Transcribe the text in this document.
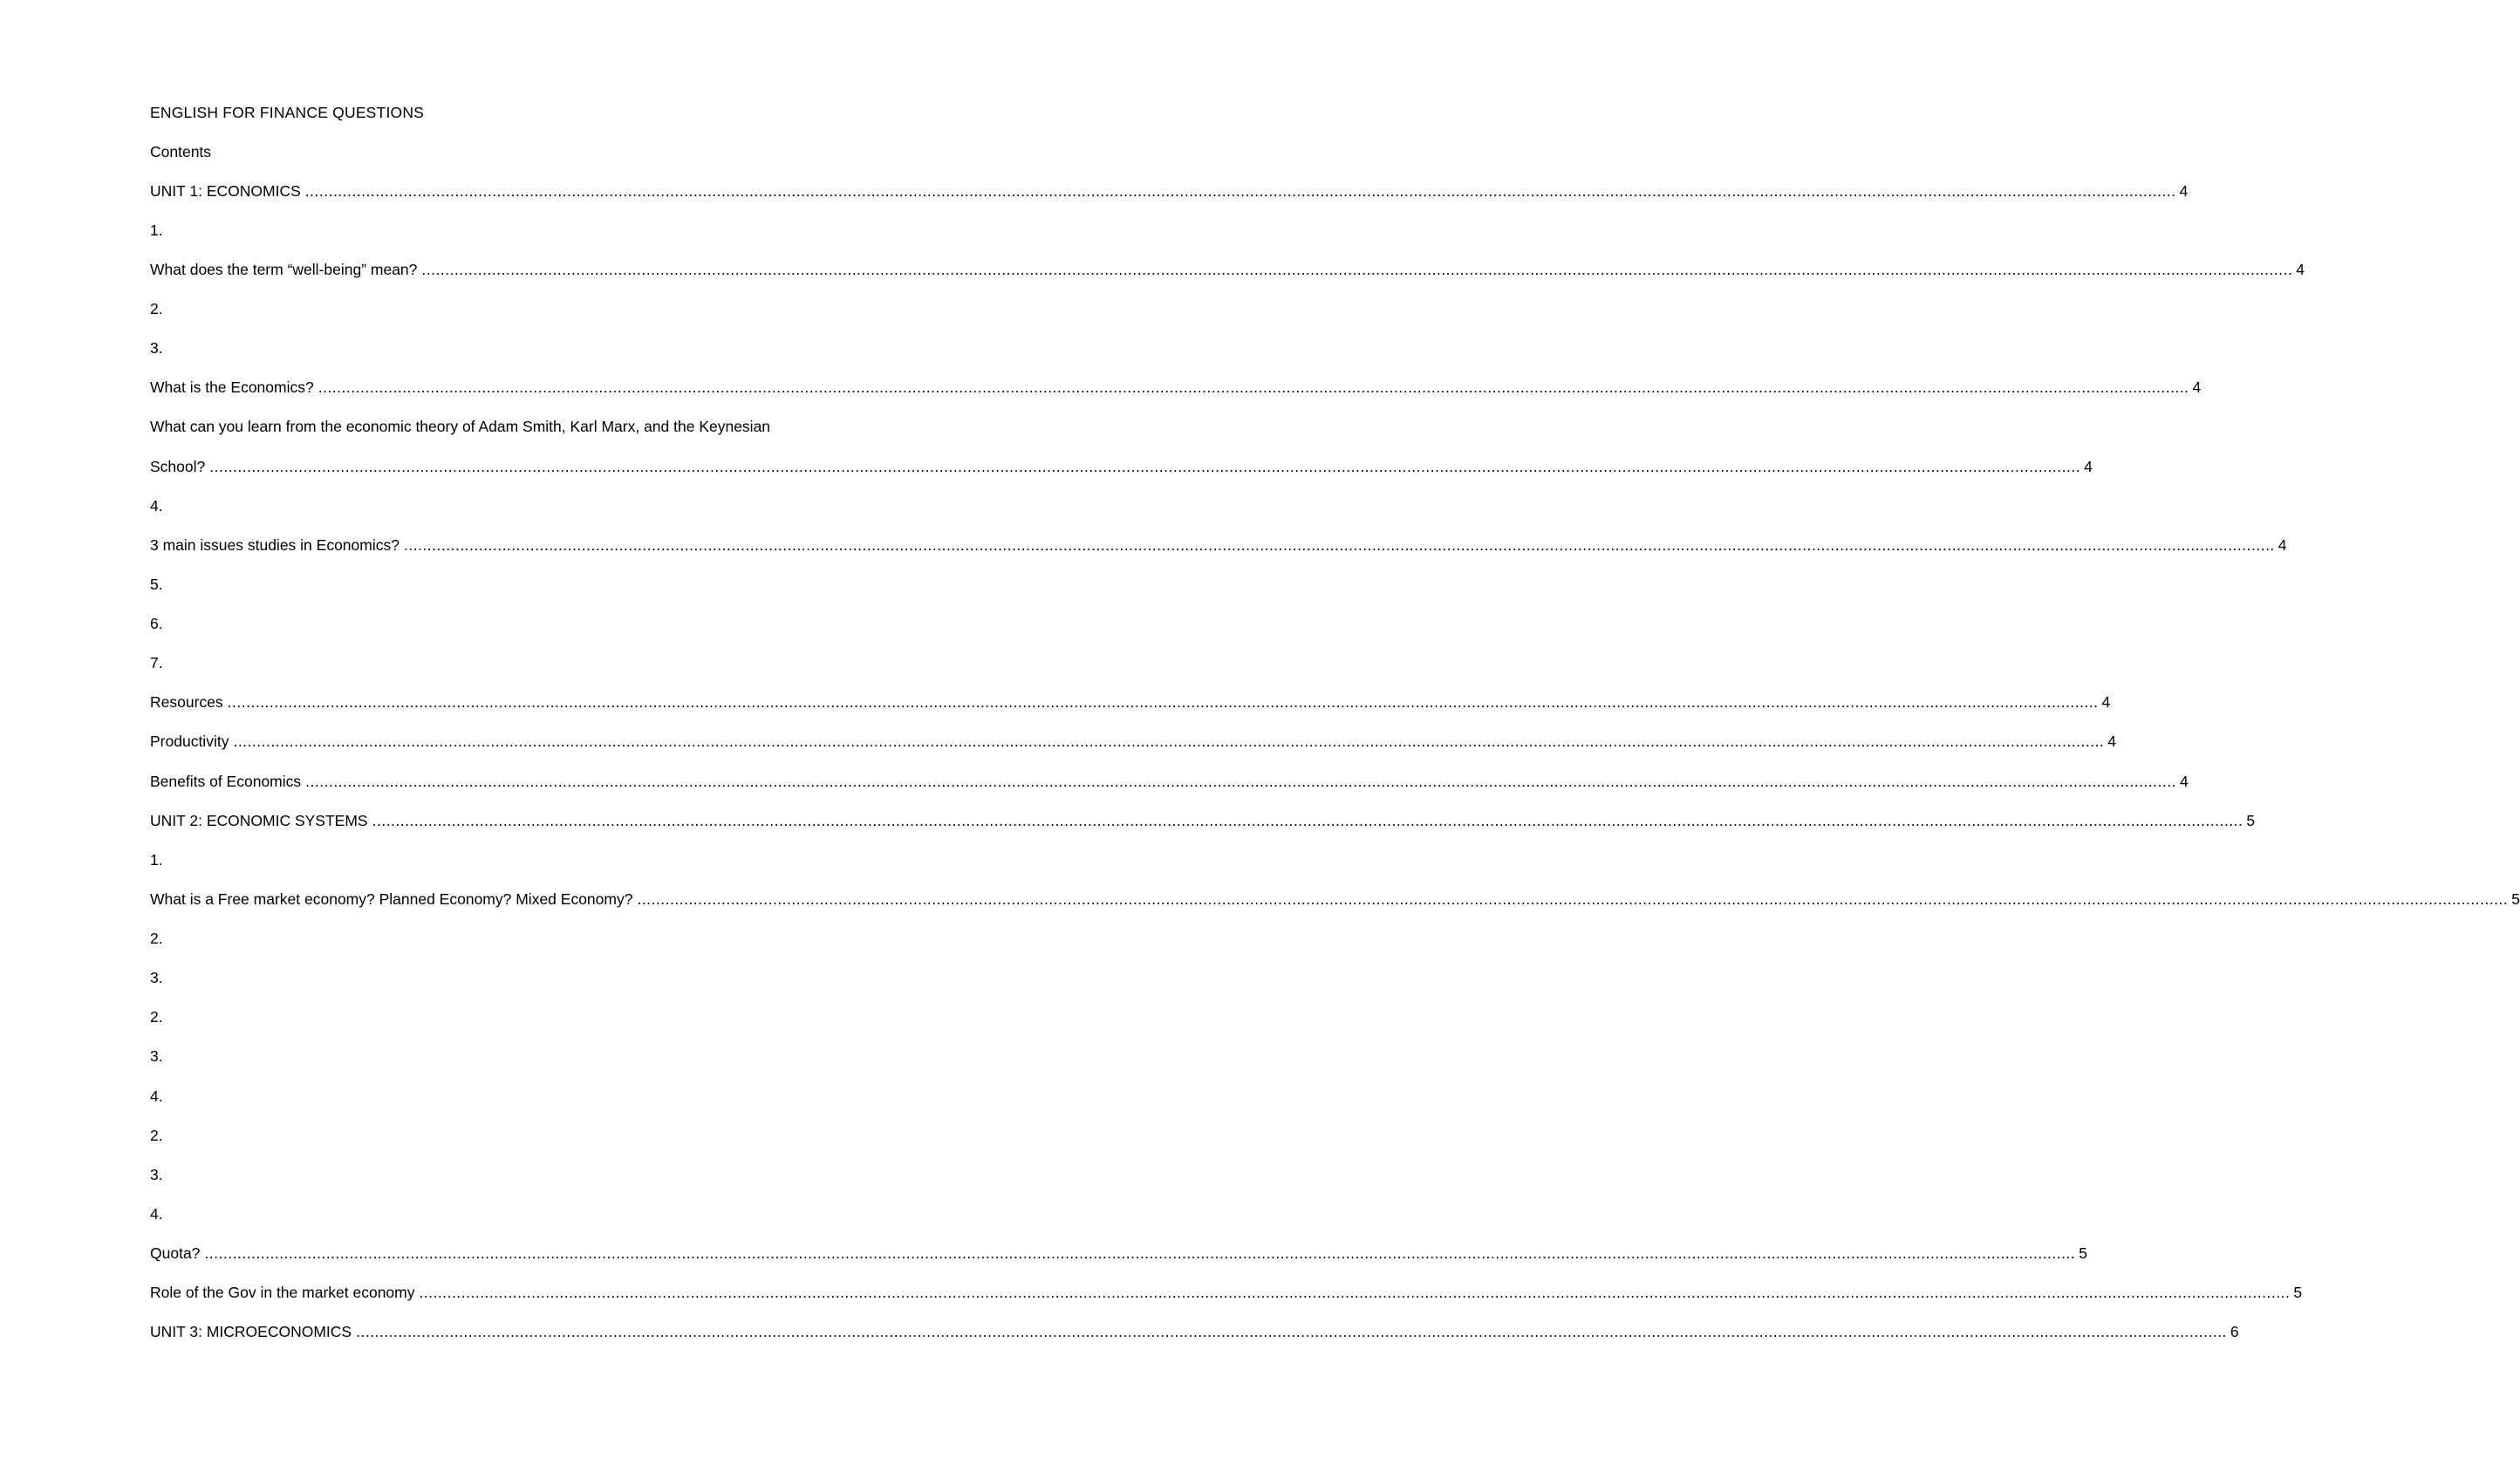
ENGLISH FOR FINANCE QUESTIONS
Contents
UNIT 1: ECONOMICS ................................................................................................................................................................................................................................................................................................................................................................................................................ 4
1.
What does the term “well-being” mean? ................................................................................................................................................................................................................................................................................................................................................................................................................ 4
2.
3.
What is the Economics? ................................................................................................................................................................................................................................................................................................................................................................................................................ 4
What can you learn from the economic theory of Adam Smith, Karl Marx, and the Keynesian
School? ................................................................................................................................................................................................................................................................................................................................................................................................................ 4
4.
3 main issues studies in Economics? ................................................................................................................................................................................................................................................................................................................................................................................................................ 4
5.
6.
7.
Resources ................................................................................................................................................................................................................................................................................................................................................................................................................ 4
Productivity ................................................................................................................................................................................................................................................................................................................................................................................................................ 4
Benefits of Economics ................................................................................................................................................................................................................................................................................................................................................................................................................ 4
UNIT 2: ECONOMIC SYSTEMS ................................................................................................................................................................................................................................................................................................................................................................................................................ 5
1.
What is a Free market economy? Planned Economy? Mixed Economy? ................................................................................................................................................................................................................................................................................................................................................................................................................ 5
2.
3.
2.
3.
4.
2.
3.
4.
Quota? ................................................................................................................................................................................................................................................................................................................................................................................................................ 5
Role of the Gov in the market economy ................................................................................................................................................................................................................................................................................................................................................................................................................ 5
UNIT 3: MICROECONOMICS ................................................................................................................................................................................................................................................................................................................................................................................................................ 6
